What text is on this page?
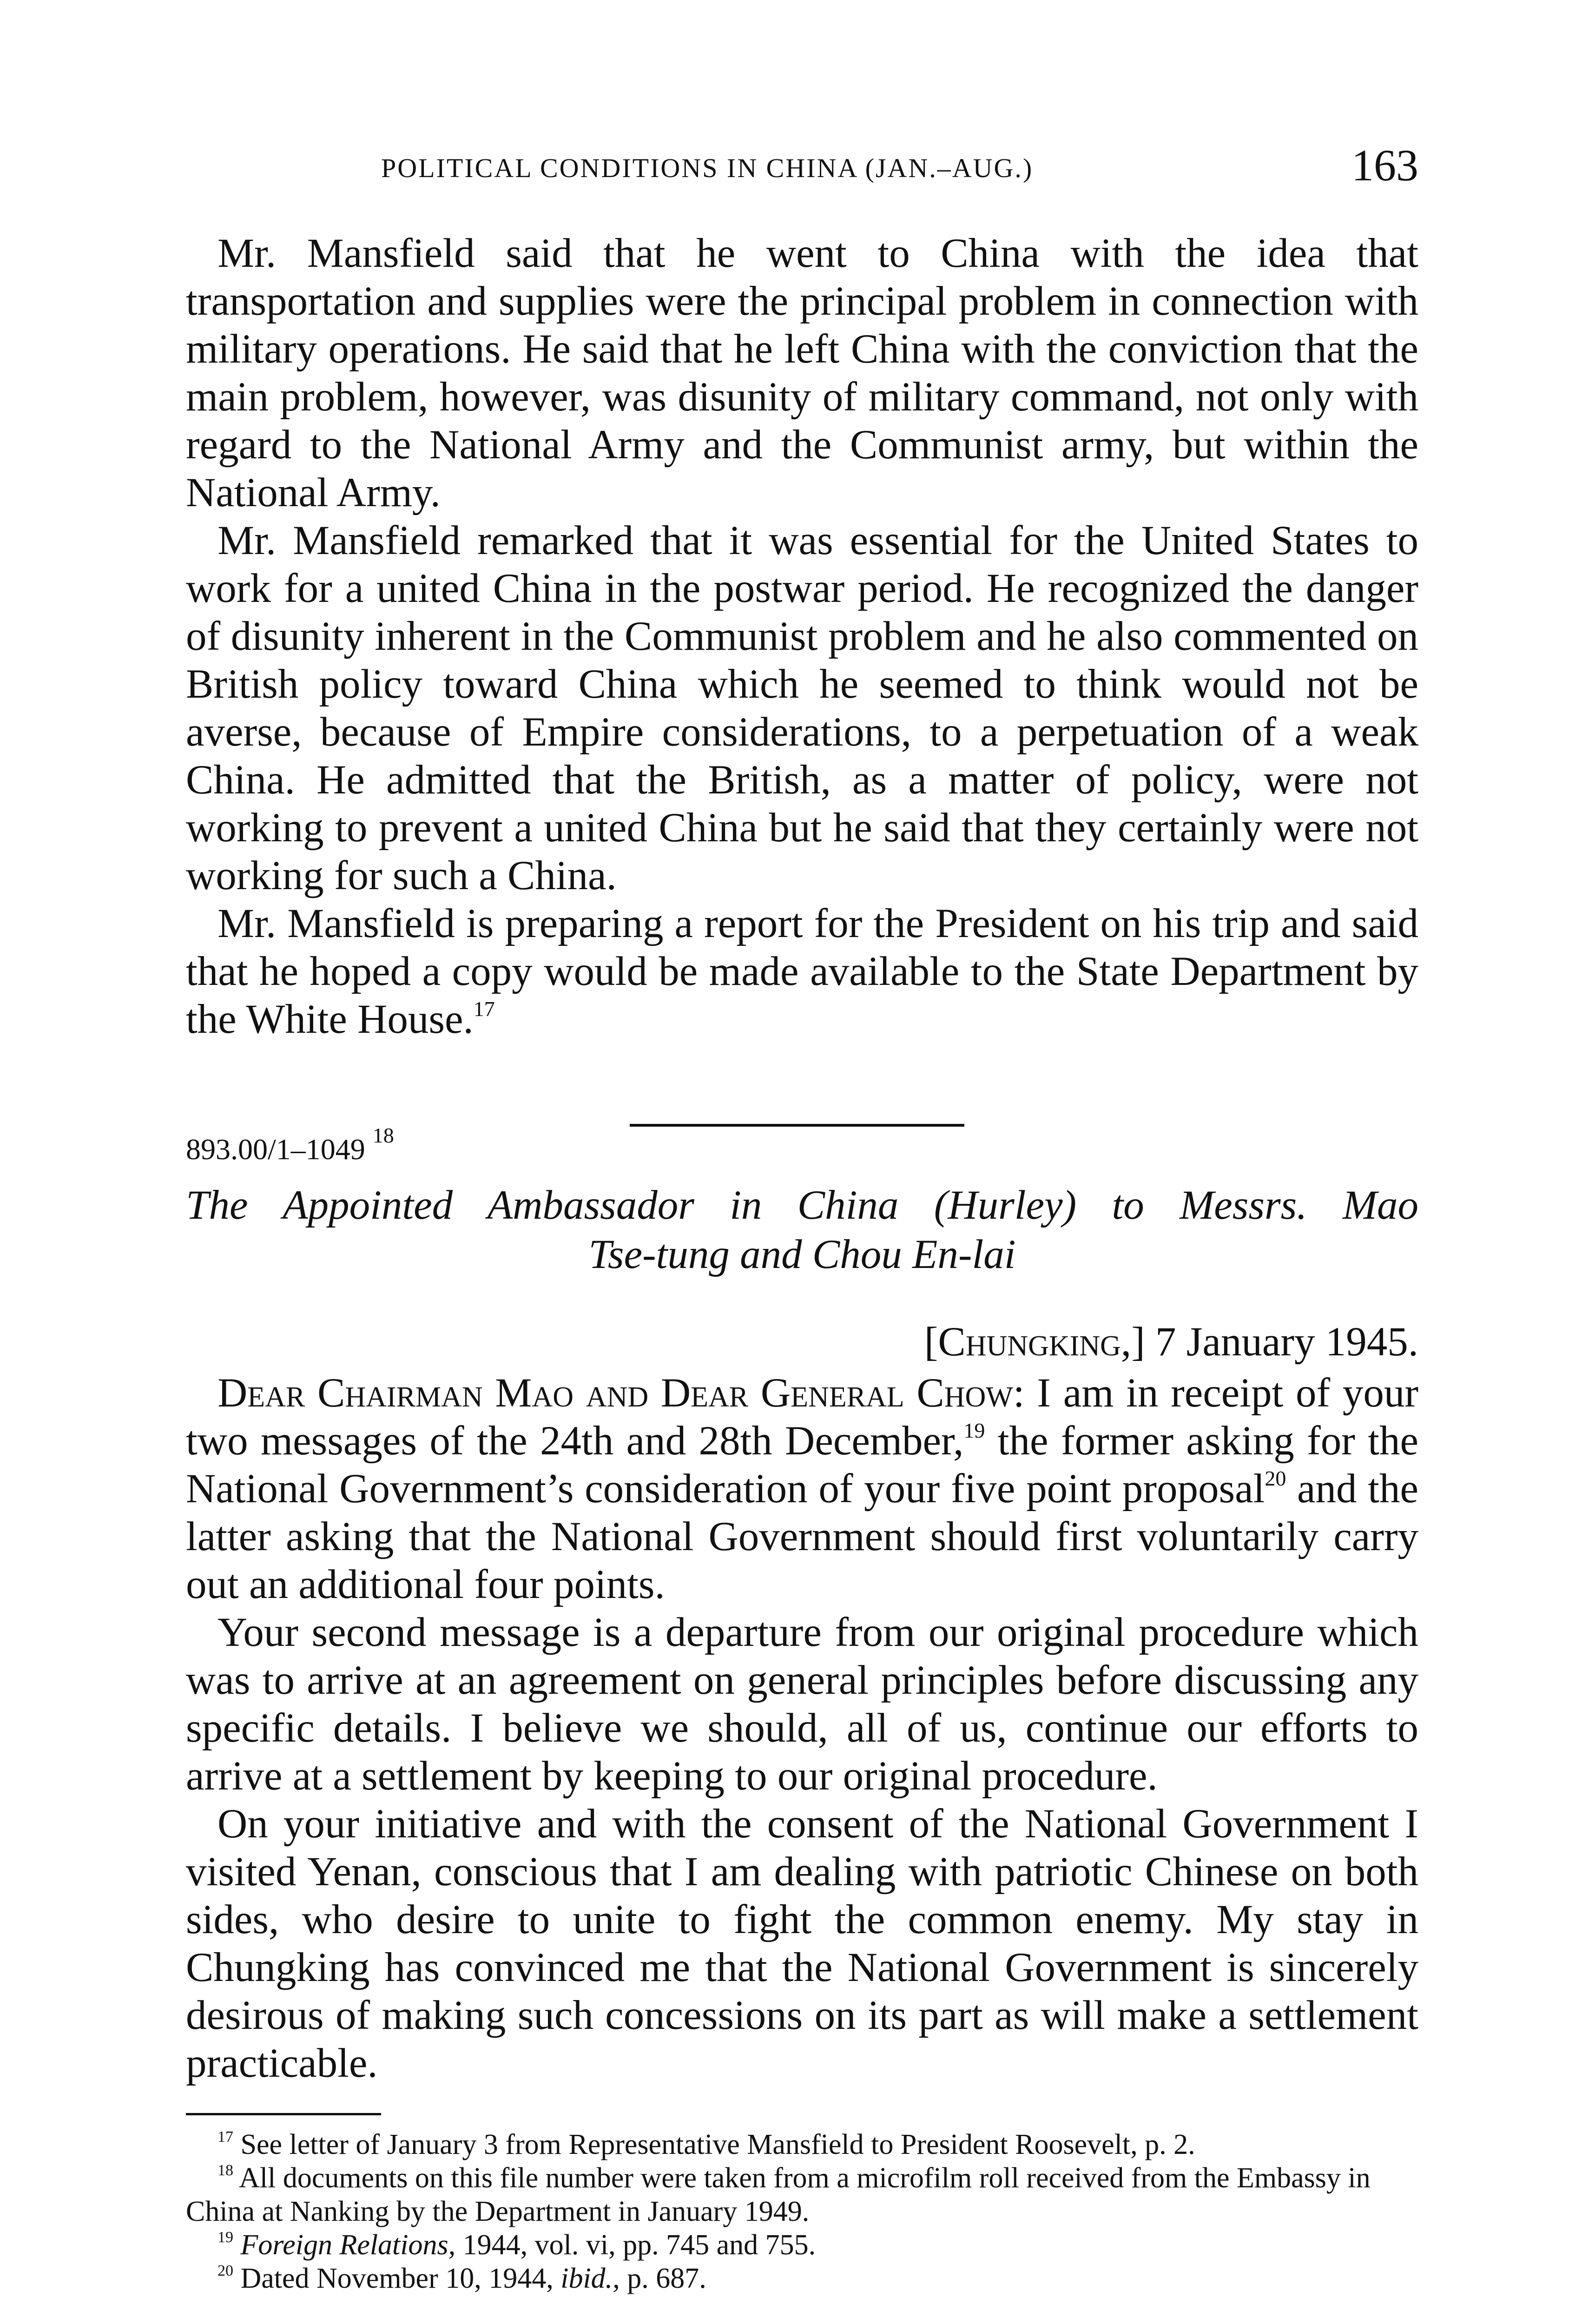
POLITICAL CONDITIONS IN CHINA (JAN.–AUG.)	163

Mr. Mansfield said that he went to China with the idea that transportation and supplies were the principal problem in connection with military operations. He said that he left China with the conviction that the main problem, however, was disunity of military command, not only with regard to the National Army and the Communist army, but within the National Army.

Mr. Mansfield remarked that it was essential for the United States to work for a united China in the postwar period. He recognized the danger of disunity inherent in the Communist problem and he also commented on British policy toward China which he seemed to think would not be averse, because of Empire considerations, to a perpetuation of a weak China. He admitted that the British, as a matter of policy, were not working to prevent a united China but he said that they certainly were not working for such a China.

Mr. Mansfield is preparing a report for the President on his trip and said that he hoped a copy would be made available to the State Department by the White House.$^{17}$

893.00/1–1049 $^{18}$
The Appointed Ambassador in China (Hurley) to Messrs. Mao
Tse-tung and Chou En-lai
[Chungking,] 7 January 1945.

Dear Chairman Mao and Dear General Chow: I am in receipt of your two messages of the 24th and 28th December,$^{19}$ the former asking for the National Government’s consideration of your five point proposal$^{20}$ and the latter asking that the National Government should first voluntarily carry out an additional four points.

Your second message is a departure from our original procedure which was to arrive at an agreement on general principles before discussing any specific details. I believe we should, all of us, continue our efforts to arrive at a settlement by keeping to our original procedure.

On your initiative and with the consent of the National Government I visited Yenan, conscious that I am dealing with patriotic Chinese on both sides, who desire to unite to fight the common enemy. My stay in Chungking has convinced me that the National Government is sincerely desirous of making such concessions on its part as will make a settlement practicable.

$^{17}$ See letter of January 3 from Representative Mansfield to President Roosevelt, p. 2.

$^{18}$ All documents on this file number were taken from a microfilm roll received from the Embassy in China at Nanking by the Department in January 1949.

$^{19}$ Foreign Relations, 1944, vol. vi, pp. 745 and 755.

$^{20}$ Dated November 10, 1944, ibid., p. 687.
